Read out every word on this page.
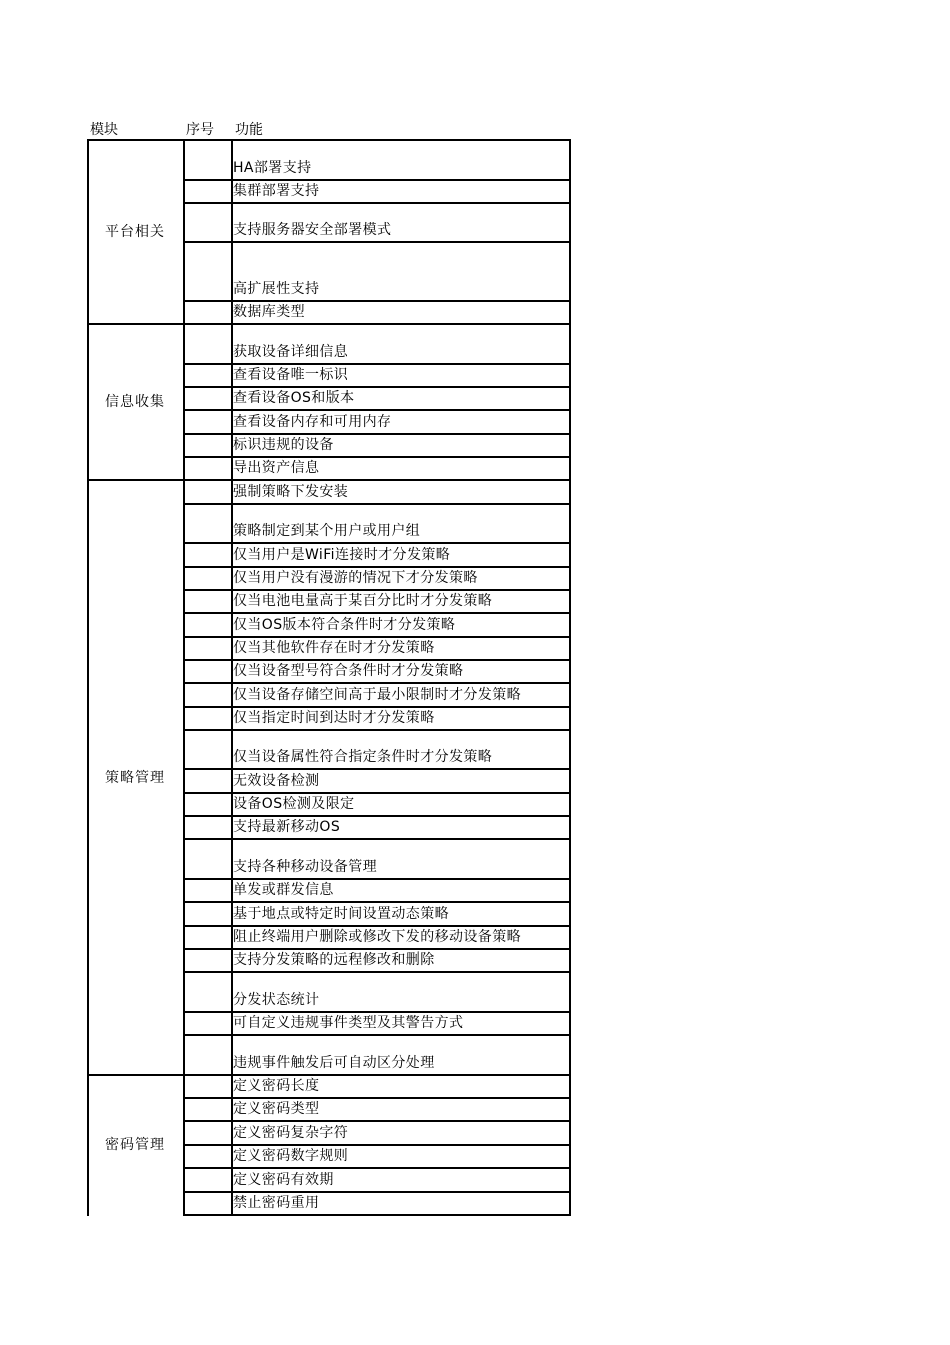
模块	序号 功能
HA部署支持
集群部署支持
支持服务器安全部署模式
高扩展性支持
数据库类型
平台相关
获取设备详细信息
查看设备唯一标识
查看设备OS和版本
查看设备内存和可用内存
标识违规的设备
导出资产信息
信息收集
强制策略下发安装
策略制定到某个用户或用户组
仅当用户是WiFi连接时才分发策略
仅当用户没有漫游的情况下才分发策略
仅当电池电量高于某百分比时才分发策略
仅当OS版本符合条件时才分发策略
仅当其他软件存在时才分发策略
仅当设备型号符合条件时才分发策略
仅当设备存储空间高于最小限制时才分发策略
仅当指定时间到达时才分发策略
仅当设备属性符合指定条件时才分发策略
无效设备检测
设备OS检测及限定
支持最新移动OS
支持各种移动设备管理
单发或群发信息
基于地点或特定时间设置动态策略
阻止终端用户删除或修改下发的移动设备策略
支持分发策略的远程修改和删除
分发状态统计
可自定义违规事件类型及其警告方式
违规事件触发后可自动区分处理
策略管理
定义密码长度
定义密码类型
定义密码复杂字符
定义密码数字规则
定义密码有效期
禁止密码重用
密码管理
